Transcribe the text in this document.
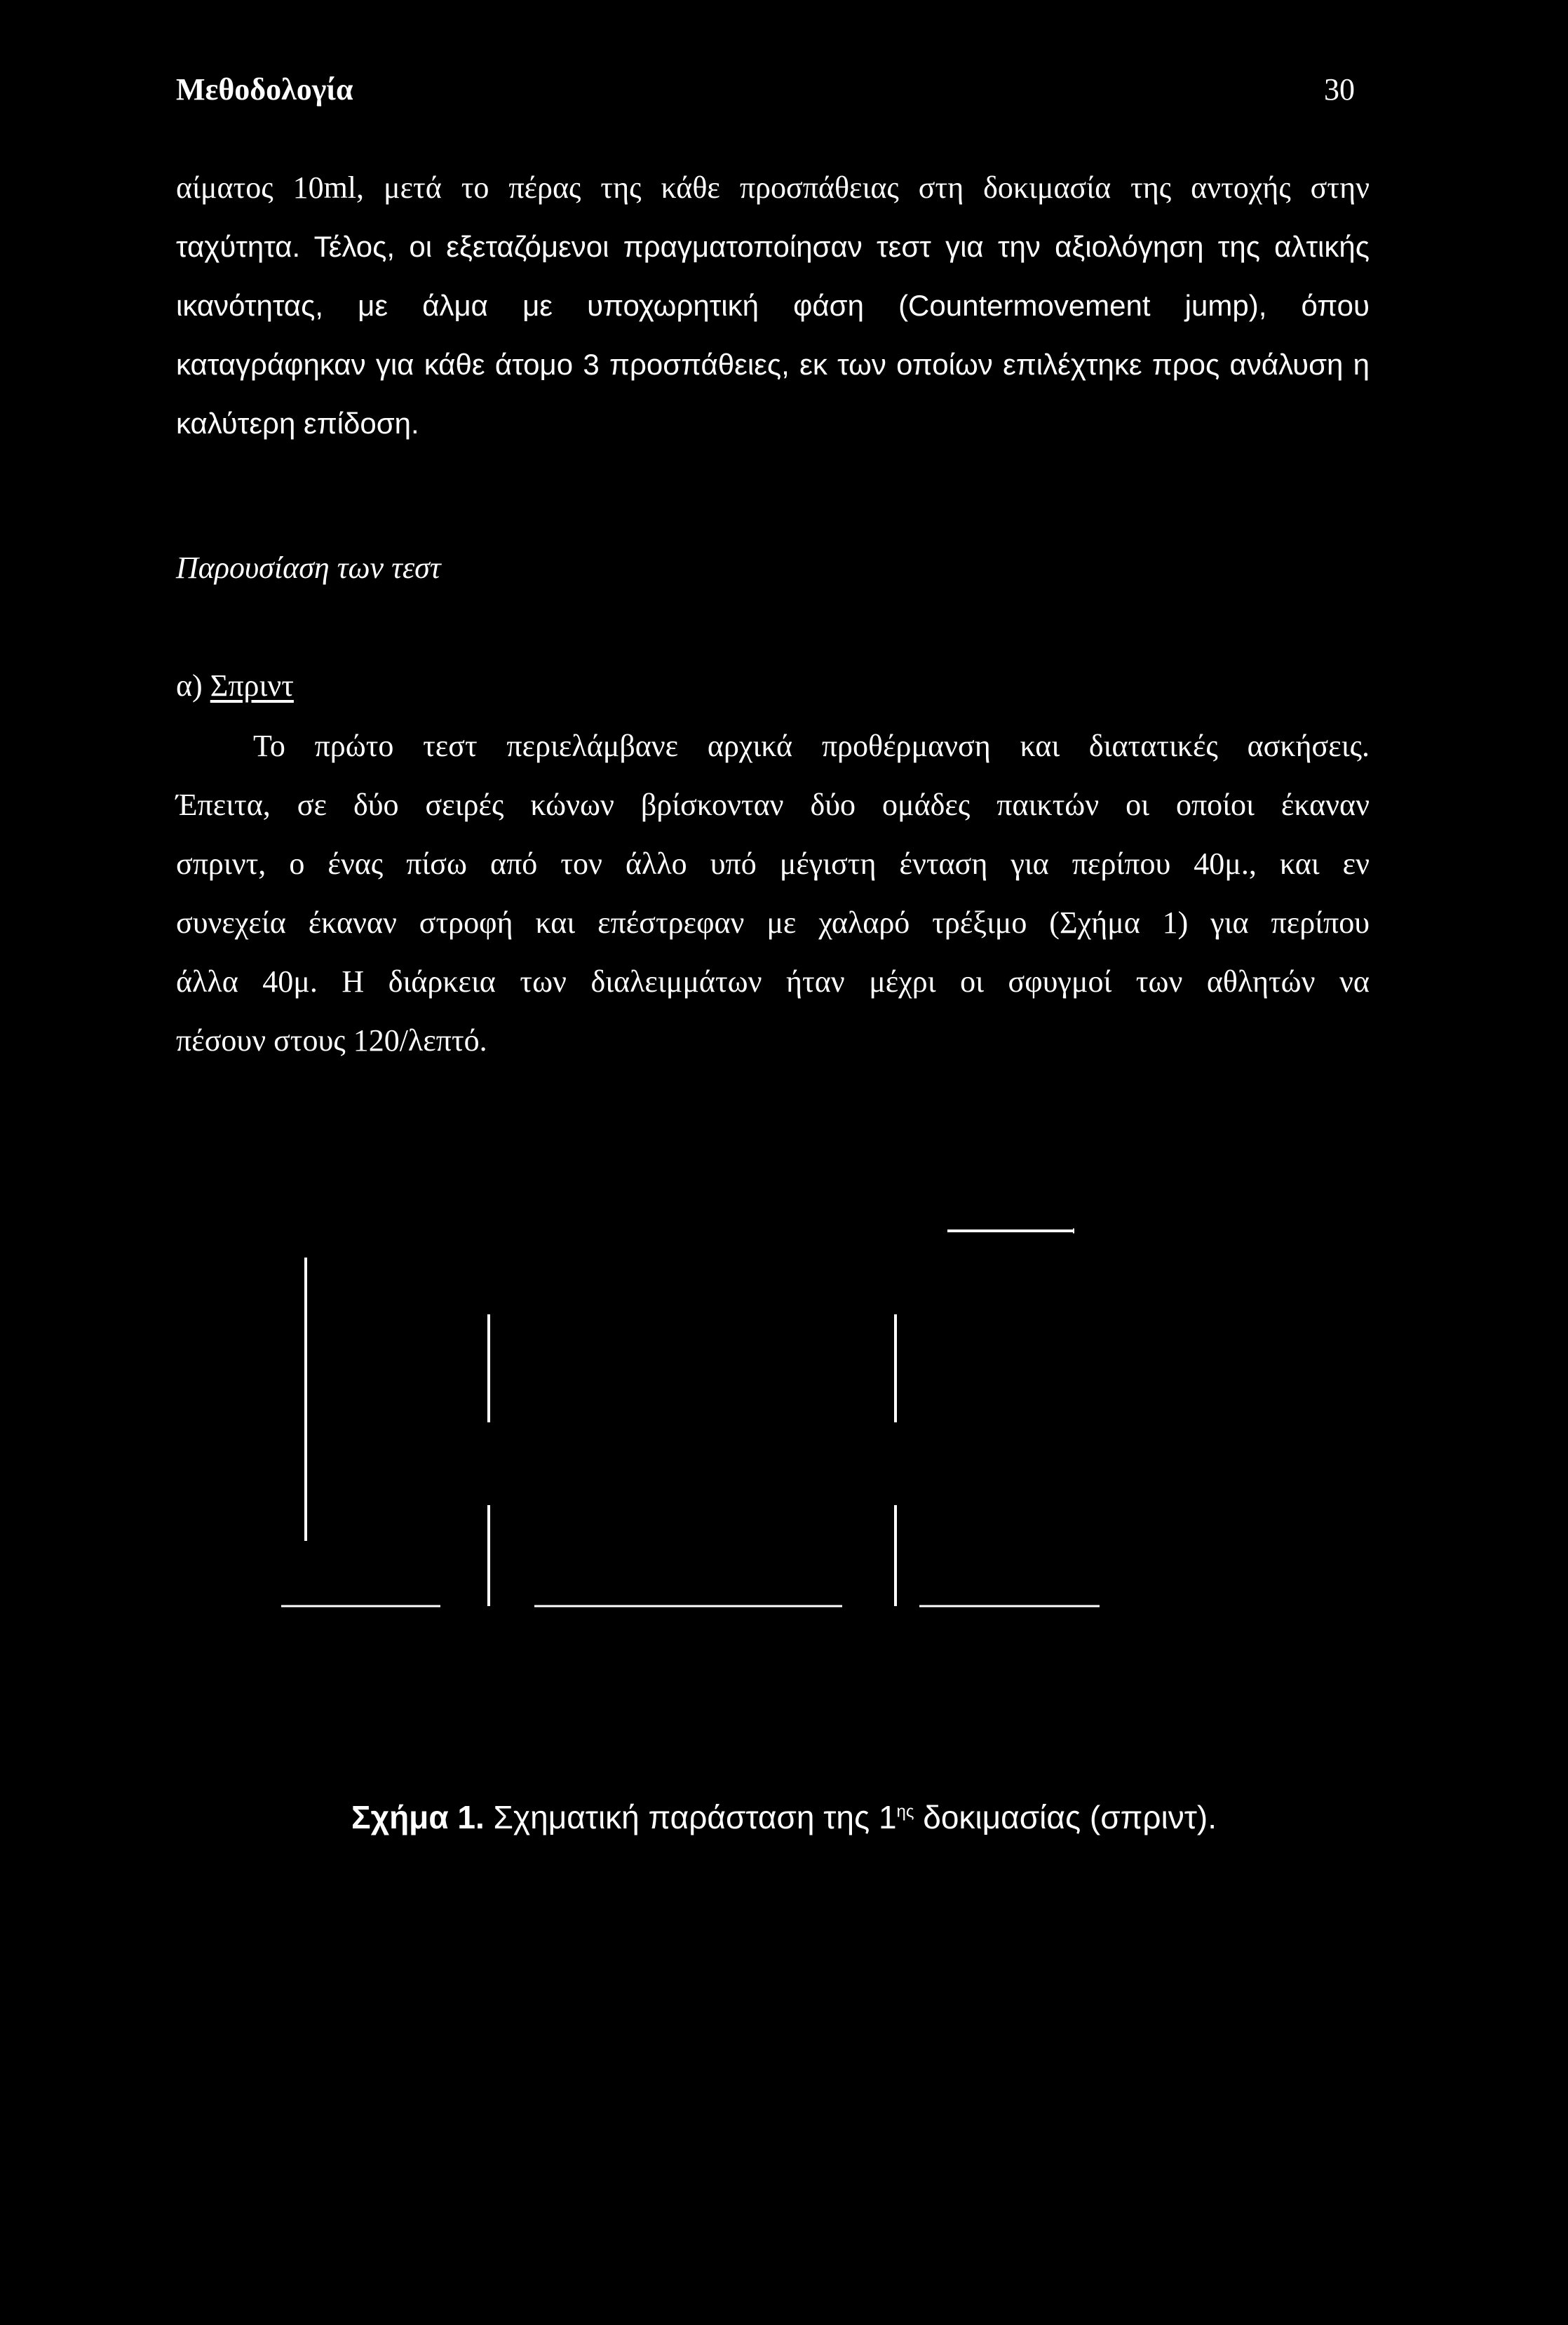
Μεθοδολογία	30
αίματος 10ml, μετά το πέρας της κάθε προσπάθειας στη δοκιμασία της αντοχής στην
ταχύτητα. Τέλος, οι εξεταζόμενοι πραγματοποίησαν τεστ για την αξιολόγηση της αλτικής
ικανότητας, με άλμα με υποχωρητική φάση (Countermovement jump), όπου
καταγράφηκαν για κάθε άτομο 3 προσπάθειες, εκ των οποίων επιλέχτηκε προς ανάλυση η
καλύτερη επίδοση.
Παρουσίαση των τεστ
α) Σπριντ
Το πρώτο τεστ περιελάμβανε αρχικά προθέρμανση και διατατικές ασκήσεις.
Έπειτα, σε δύο σειρές κώνων βρίσκονταν δύο ομάδες παικτών οι οποίοι έκαναν
σπριντ, ο ένας πίσω από τον άλλο υπό μέγιστη ένταση για περίπου 40μ., και εν
συνεχεία έκαναν στροφή και επέστρεφαν με χαλαρό τρέξιμο (Σχήμα 1) για περίπου
άλλα 40μ. Η διάρκεια των διαλειμμάτων ήταν μέχρι οι σφυγμοί των αθλητών να
πέσουν στους 120/λεπτό.
Σχήμα 1. Σχηματική παράσταση της $1^{\eta\varsigma}$ δοκιμασίας (σπριντ).
